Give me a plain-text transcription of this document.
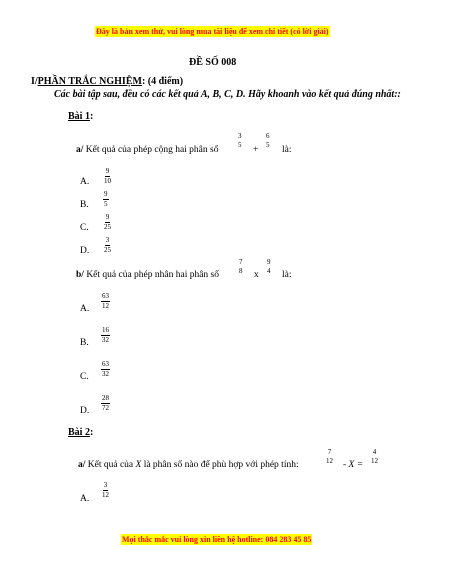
Đây là bản xem thử, vui lòng mua tài liệu để xem chi tiết (có lời giải)
ĐỀ SỐ 008
I/PHẦN TRẮC NGHIỆM: (4 điểm)
Các bài tập sau, đều có các kết quả A, B, C, D. Hãy khoanh vào kết quả đúng nhất::
Bài 1:
a/ Kết quả của phép cộng hai phân số
3
5 +
6
5 là:
A. $\frac{9}{10}$
B. $\frac{9}{5}$
C. $\frac{9}{25}$
D. $\frac{3}{25}$
b/ Kết quả của phép nhân hai phân số
7
8 x
9
4 là:
A. $\frac{63}{12}$
B. $\frac{16}{32}$
C. $\frac{63}{32}$
D. $\frac{28}{72}$
Bài 2:
a/ Kết quả của X là phân số nào để phù hợp với phép tính:
7
12 - X =
4
12
A. $\frac{3}{12}$
Mọi thắc mắc vui lòng xin liên hệ hotline: 084 283 45 85
